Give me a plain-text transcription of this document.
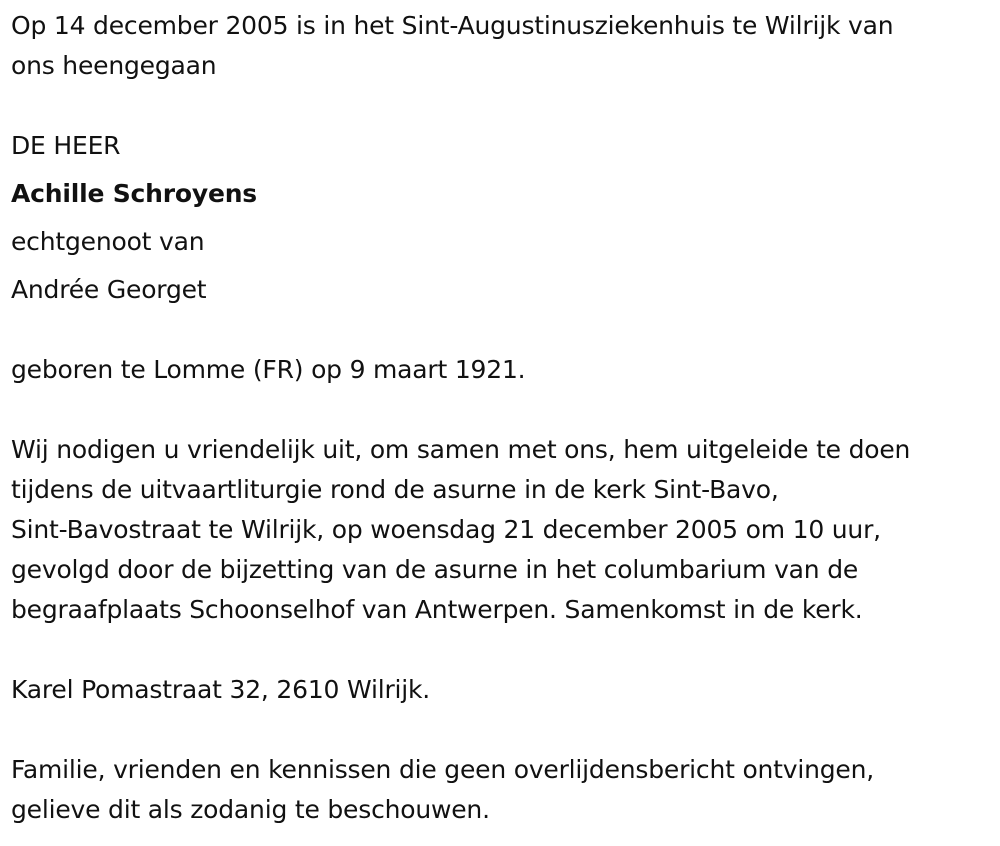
Op 14 december 2005 is in het Sint-Augustinusziekenhuis te Wilrijk van
ons heengegaan
DE HEER
Achille Schroyens
echtgenoot van
Andrée Georget
geboren te Lomme (FR) op 9 maart 1921.
Wij nodigen u vriendelijk uit, om samen met ons, hem uitgeleide te doen
tijdens de uitvaartliturgie rond de asurne in de kerk Sint-Bavo,
Sint-Bavostraat te Wilrijk, op woensdag 21 december 2005 om 10 uur,
gevolgd door de bijzetting van de asurne in het columbarium van de
begraafplaats Schoonselhof van Antwerpen. Samenkomst in de kerk.
Karel Pomastraat 32, 2610 Wilrijk.
Familie, vrienden en kennissen die geen overlijdensbericht ontvingen,
gelieve dit als zodanig te beschouwen.
